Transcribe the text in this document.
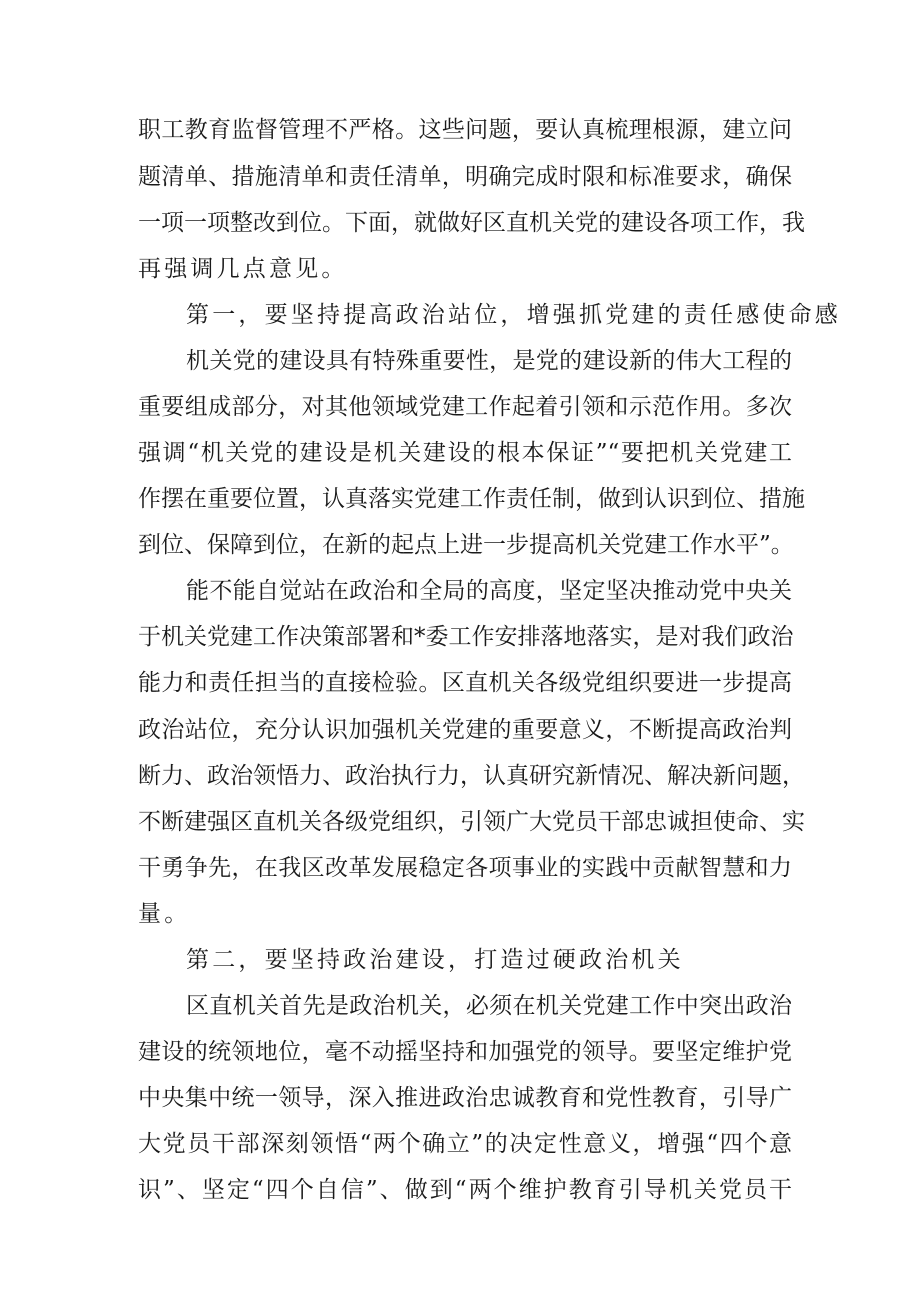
职工教育监督管理不严格。这些问题，要认真梳理根源，建立问
题清单、措施清单和责任清单，明确完成时限和标准要求，确保
一项一项整改到位。下面，就做好区直机关党的建设各项工作，我
再强调几点意见。
第一，要坚持提高政治站位，增强抓党建的责任感使命感
机关党的建设具有特殊重要性，是党的建设新的伟大工程的
重要组成部分，对其他领域党建工作起着引领和示范作用。多次
强调“机关党的建设是机关建设的根本保证”“要把机关党建工
作摆在重要位置，认真落实党建工作责任制，做到认识到位、措施
到位、保障到位，在新的起点上进一步提高机关党建工作水平”。
能不能自觉站在政治和全局的高度，坚定坚决推动党中央关
于机关党建工作决策部署和*委工作安排落地落实，是对我们政治
能力和责任担当的直接检验。区直机关各级党组织要进一步提高
政治站位，充分认识加强机关党建的重要意义，不断提高政治判
断力、政治领悟力、政治执行力，认真研究新情况、解决新问题，
不断建强区直机关各级党组织，引领广大党员干部忠诚担使命、实
干勇争先，在我区改革发展稳定各项事业的实践中贡献智慧和力
量。
第二，要坚持政治建设，打造过硬政治机关
区直机关首先是政治机关，必须在机关党建工作中突出政治
建设的统领地位，毫不动摇坚持和加强党的领导。要坚定维护党
中央集中统一领导，深入推进政治忠诚教育和党性教育，引导广
大党员干部深刻领悟“两个确立”的决定性意义，增强“四个意
识”、坚定“四个自信”、做到“两个维护教育引导机关党员干
